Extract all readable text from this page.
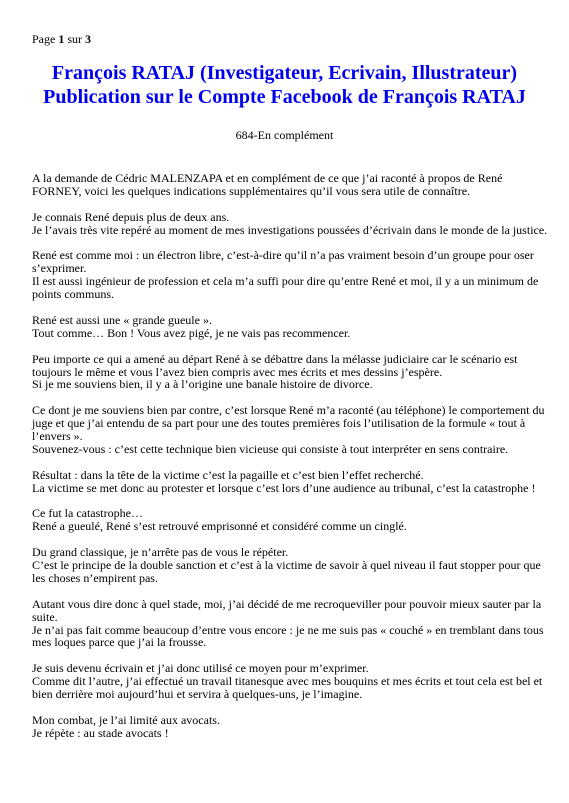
Page 1 sur 3
François RATAJ (Investigateur, Ecrivain, Illustrateur)
Publication sur le Compte Facebook de François RATAJ
684-En complément
A la demande de Cédric MALENZAPA et en complément de ce que j’ai raconté à propos de René
FORNEY, voici les quelques indications supplémentaires qu’il vous sera utile de connaître.
Je connais René depuis plus de deux ans.
Je l’avais très vite repéré au moment de mes investigations poussées d’écrivain dans le monde de la justice.
René est comme moi : un électron libre, c’est-à-dire qu’il n’a pas vraiment besoin d’un groupe pour oser
s’exprimer.
Il est aussi ingénieur de profession et cela m’a suffi pour dire qu’entre René et moi, il y a un minimum de
points communs.
René est aussi une « grande gueule ».
Tout comme… Bon ! Vous avez pigé, je ne vais pas recommencer.
Peu importe ce qui a amené au départ René à se débattre dans la mélasse judiciaire car le scénario est
toujours le même et vous l’avez bien compris avec mes écrits et mes dessins j’espère.
Si je me souviens bien, il y a à l’origine une banale histoire de divorce.
Ce dont je me souviens bien par contre, c’est lorsque René m’a raconté (au téléphone) le comportement du
juge et que j’ai entendu de sa part pour une des toutes premières fois l’utilisation de la formule « tout à
l’envers ».
Souvenez-vous : c’est cette technique bien vicieuse qui consiste à tout interpréter en sens contraire.
Résultat : dans la tête de la victime c’est la pagaille et c’est bien l’effet recherché.
La victime se met donc au protester et lorsque c’est lors d’une audience au tribunal, c’est la catastrophe !
Ce fut la catastrophe…
René a gueulé, René s’est retrouvé emprisonné et considéré comme un cinglé.
Du grand classique, je n’arrête pas de vous le répéter.
C’est le principe de la double sanction et c’est à la victime de savoir à quel niveau il faut stopper pour que
les choses n’empirent pas.
Autant vous dire donc à quel stade, moi, j’ai décidé de me recroqueviller pour pouvoir mieux sauter par la
suite.
Je n’ai pas fait comme beaucoup d’entre vous encore : je ne me suis pas « couché » en tremblant dans tous
mes loques parce que j’ai la frousse.
Je suis devenu écrivain et j’ai donc utilisé ce moyen pour m’exprimer.
Comme dit l’autre, j’ai effectué un travail titanesque avec mes bouquins et mes écrits et tout cela est bel et
bien derrière moi aujourd’hui et servira à quelques-uns, je l’imagine.
Mon combat, je l’ai limité aux avocats.
Je répète : au stade avocats !
